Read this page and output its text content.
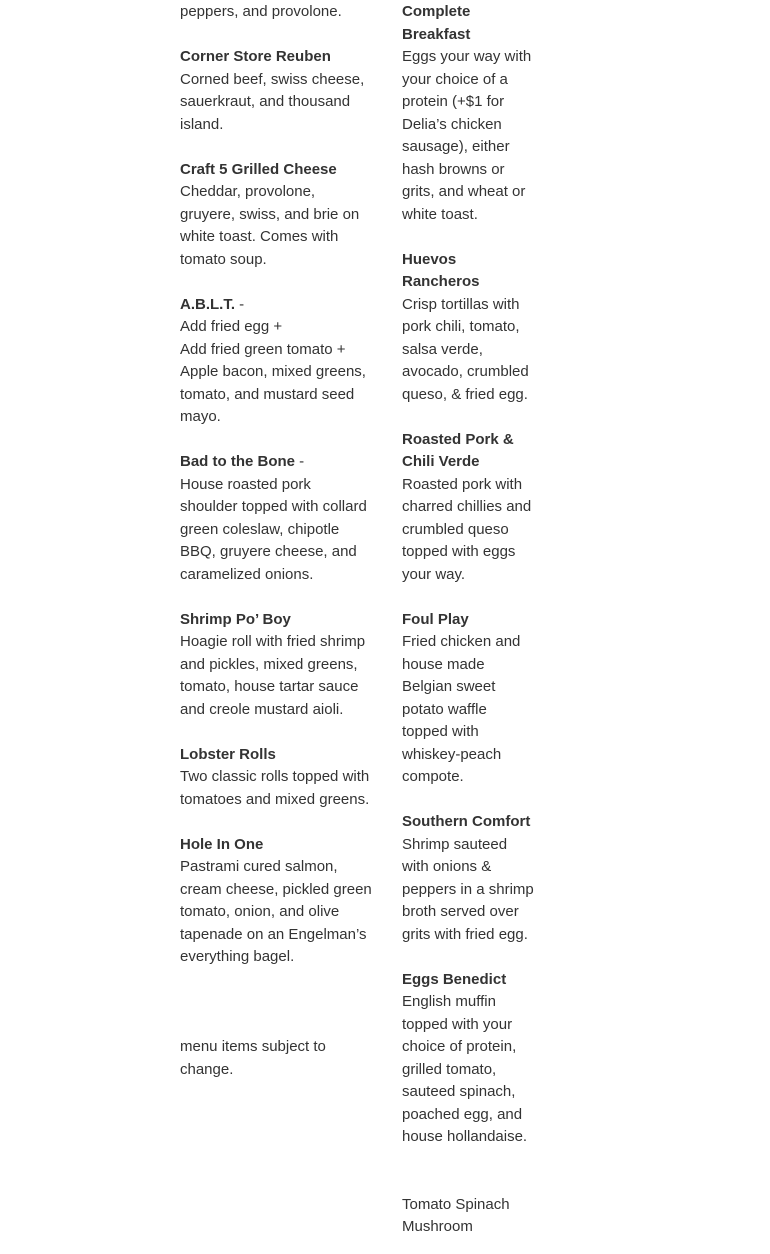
peppers, and provolone.
Corner Store Reuben
Corned beef, swiss cheese, sauerkraut, and thousand island.
Craft 5 Grilled Cheese
Cheddar, provolone, gruyere, swiss, and brie on white toast. Comes with tomato soup.
A.B.L.T. -
Add fried egg +
Add fried green tomato +
Apple bacon, mixed greens, tomato, and mustard seed mayo.
Bad to the Bone -
House roasted pork shoulder topped with collard green coleslaw, chipotle BBQ, gruyere cheese, and caramelized onions.
Shrimp Po’ Boy
Hoagie roll with fried shrimp and pickles, mixed greens, tomato, house tartar sauce and creole mustard aioli.
Lobster Rolls
Two classic rolls topped with tomatoes and mixed greens.
Hole In One
Pastrami cured salmon, cream cheese, pickled green tomato, onion, and olive tapenade on an Engelman’s everything bagel.
menu items subject to change.
Complete Breakfast
Eggs your way with your choice of a protein (+$1 for Delia’s chicken sausage), either hash browns or grits, and wheat or white toast.
Huevos Rancheros
Crisp tortillas with pork chili, tomato, salsa verde, avocado, crumbled queso, & fried egg.
Roasted Pork & Chili Verde
Roasted pork with charred chillies and crumbled queso topped with eggs your way.
Foul Play
Fried chicken and house made Belgian sweet potato waffle topped with whiskey-peach compote.
Southern Comfort
Shrimp sauteed with onions & peppers in a shrimp broth served over grits with fried egg.
Eggs Benedict
English muffin topped with your choice of protein, grilled tomato, sauteed spinach, poached egg, and house hollandaise.
Tomato Spinach Mushroom
